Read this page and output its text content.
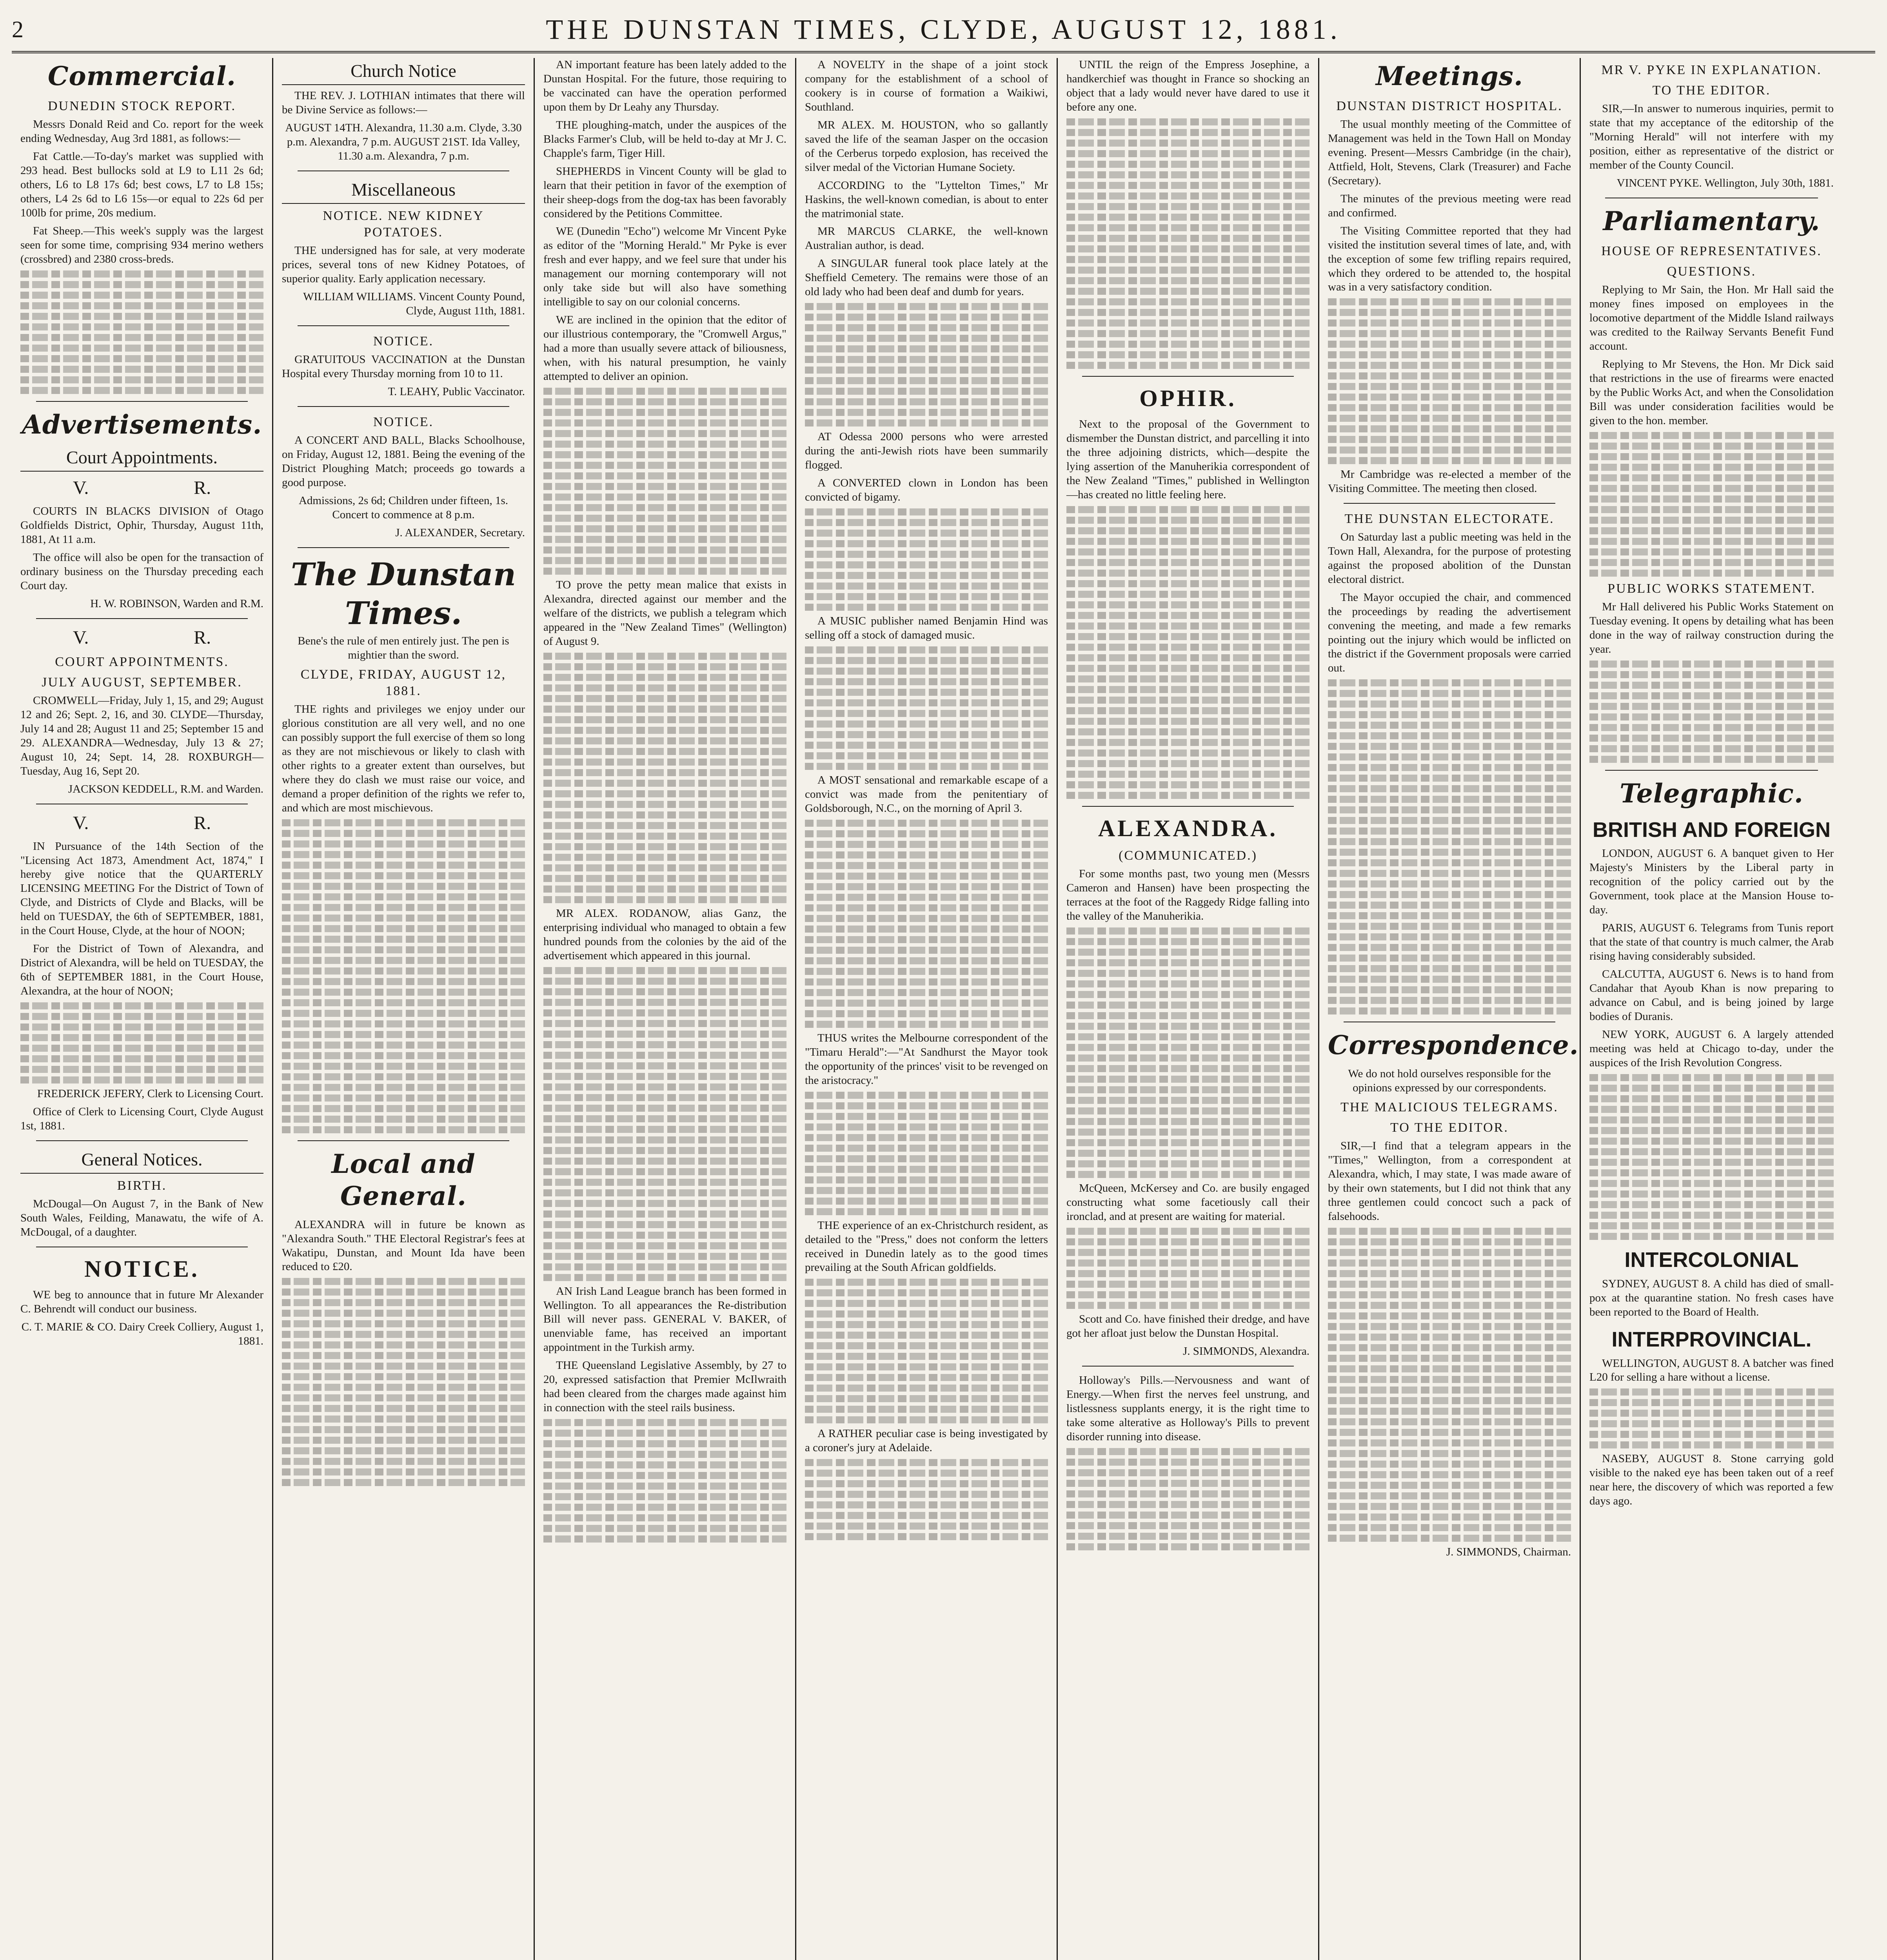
2	THE DUNSTAN TIMES, CLYDE, AUGUST 12, 1881.
Commercial.
DUNEDIN STOCK REPORT.

Messrs Donald Reid and Co. report for the week ending Wednesday, Aug 3rd 1881, as follows:—

Fat Cattle.—To-day's market was supplied with 293 head. Best bullocks sold at L9 to L11 2s 6d; others, L6 to L8 17s 6d; best cows, L7 to L8 15s; others, L4 2s 6d to L6 15s—or equal to 22s 6d per 100lb for prime, 20s medium.

Fat Sheep.—This week's supply was the largest seen for some time, comprising 934 merino wethers (crossbred) and 2380 cross-breds.

Advertisements.
Court Appointments.
V.	R.

COURTS IN BLACKS DIVISION of Otago Goldfields District, Ophir, Thursday, August 11th, 1881, At 11 a.m.

The office will also be open for the transaction of ordinary business on the Thursday preceding each Court day.

H. W. ROBINSON, Warden and R.M.

V.	R.
COURT APPOINTMENTS.
JULY AUGUST, SEPTEMBER.

CROMWELL—Friday, July 1, 15, and 29; August 12 and 26; Sept. 2, 16, and 30. CLYDE—Thursday, July 14 and 28; August 11 and 25; September 15 and 29. ALEXANDRA—Wednesday, July 13 & 27; August 10, 24; Sept. 14, 28. ROXBURGH—Tuesday, Aug 16, Sept 20.

JACKSON KEDDELL, R.M. and Warden.

V.	R.

IN Pursuance of the 14th Section of the "Licensing Act 1873, Amendment Act, 1874," I hereby give notice that the QUARTERLY LICENSING MEETING For the District of Town of Clyde, and Districts of Clyde and Blacks, will be held on TUESDAY, the 6th of SEPTEMBER, 1881, in the Court House, Clyde, at the hour of NOON;

For the District of Town of Alexandra, and District of Alexandra, will be held on TUESDAY, the 6th of SEPTEMBER 1881, in the Court House, Alexandra, at the hour of NOON;

FREDERICK JEFERY, Clerk to Licensing Court.

Office of Clerk to Licensing Court, Clyde August 1st, 1881.

General Notices.
BIRTH.

McDougal—On August 7, in the Bank of New South Wales, Feilding, Manawatu, the wife of A. McDougal, of a daughter.

NOTICE.

WE beg to announce that in future Mr Alexander C. Behrendt will conduct our business.

C. T. MARIE & CO. Dairy Creek Colliery, August 1, 1881.

Church Notice

THE REV. J. LOTHIAN intimates that there will be Divine Service as follows:—

AUGUST 14TH. Alexandra, 11.30 a.m. Clyde, 3.30 p.m. Alexandra, 7 p.m. AUGUST 21ST. Ida Valley, 11.30 a.m. Alexandra, 7 p.m.

Miscellaneous
NOTICE. NEW KIDNEY POTATOES.

THE undersigned has for sale, at very moderate prices, several tons of new Kidney Potatoes, of superior quality. Early application necessary.

WILLIAM WILLIAMS. Vincent County Pound, Clyde, August 11th, 1881.

NOTICE.

GRATUITOUS VACCINATION at the Dunstan Hospital every Thursday morning from 10 to 11.

T. LEAHY, Public Vaccinator.

NOTICE.

A CONCERT AND BALL, Blacks Schoolhouse, on Friday, August 12, 1881. Being the evening of the District Ploughing Match; proceeds go towards a good purpose.

Admissions, 2s 6d; Children under fifteen, 1s. Concert to commence at 8 p.m.

J. ALEXANDER, Secretary.

The Dunstan Times.

Bene's the rule of men entirely just. The pen is mightier than the sword.

CLYDE, FRIDAY, AUGUST 12, 1881.

THE rights and privileges we enjoy under our glorious constitution are all very well, and no one can possibly support the full exercise of them so long as they are not mischievous or likely to clash with other rights to a greater extent than ourselves, but where they do clash we must raise our voice, and demand a proper definition of the rights we refer to, and which are most mischievous.

Local and General.

ALEXANDRA will in future be known as "Alexandra South." THE Electoral Registrar's fees at Wakatipu, Dunstan, and Mount Ida have been reduced to £20.

AN important feature has been lately added to the Dunstan Hospital. For the future, those requiring to be vaccinated can have the operation performed upon them by Dr Leahy any Thursday.

THE ploughing-match, under the auspices of the Blacks Farmer's Club, will be held to-day at Mr J. C. Chapple's farm, Tiger Hill.

SHEPHERDS in Vincent County will be glad to learn that their petition in favor of the exemption of their sheep-dogs from the dog-tax has been favorably considered by the Petitions Committee.

WE (Dunedin "Echo") welcome Mr Vincent Pyke as editor of the "Morning Herald." Mr Pyke is ever fresh and ever happy, and we feel sure that under his management our morning contemporary will not only take side but will also have something intelligible to say on our colonial concerns.

WE are inclined in the opinion that the editor of our illustrious contemporary, the "Cromwell Argus," had a more than usually severe attack of biliousness, when, with his natural presumption, he vainly attempted to deliver an opinion.

TO prove the petty mean malice that exists in Alexandra, directed against our member and the welfare of the districts, we publish a telegram which appeared in the "New Zealand Times" (Wellington) of August 9.

MR ALEX. RODANOW, alias Ganz, the enterprising individual who managed to obtain a few hundred pounds from the colonies by the aid of the advertisement which appeared in this journal.

AN Irish Land League branch has been formed in Wellington. To all appearances the Re-distribution Bill will never pass. GENERAL V. BAKER, of unenviable fame, has received an important appointment in the Turkish army.

THE Queensland Legislative Assembly, by 27 to 20, expressed satisfaction that Premier McIlwraith had been cleared from the charges made against him in connection with the steel rails business.

A NOVELTY in the shape of a joint stock company for the establishment of a school of cookery is in course of formation a Waikiwi, Southland.

MR ALEX. M. HOUSTON, who so gallantly saved the life of the seaman Jasper on the occasion of the Cerberus torpedo explosion, has received the silver medal of the Victorian Humane Society.

ACCORDING to the "Lyttelton Times," Mr Haskins, the well-known comedian, is about to enter the matrimonial state.

MR MARCUS CLARKE, the well-known Australian author, is dead.

A SINGULAR funeral took place lately at the Sheffield Cemetery. The remains were those of an old lady who had been deaf and dumb for years.

AT Odessa 2000 persons who were arrested during the anti-Jewish riots have been summarily flogged.

A CONVERTED clown in London has been convicted of bigamy.

A MUSIC publisher named Benjamin Hind was selling off a stock of damaged music.

A MOST sensational and remarkable escape of a convict was made from the penitentiary of Goldsborough, N.C., on the morning of April 3.

THUS writes the Melbourne correspondent of the "Timaru Herald":—"At Sandhurst the Mayor took the opportunity of the princes' visit to be revenged on the aristocracy."

THE experience of an ex-Christchurch resident, as detailed to the "Press," does not conform the letters received in Dunedin lately as to the good times prevailing at the South African goldfields.

A RATHER peculiar case is being investigated by a coroner's jury at Adelaide.

UNTIL the reign of the Empress Josephine, a handkerchief was thought in France so shocking an object that a lady would never have dared to use it before any one.

OPHIR.

Next to the proposal of the Government to dismember the Dunstan district, and parcelling it into the three adjoining districts, which—despite the lying assertion of the Manuherikia correspondent of the New Zealand "Times," published in Wellington—has created no little feeling here.

ALEXANDRA.
(COMMUNICATED.)

For some months past, two young men (Messrs Cameron and Hansen) have been prospecting the terraces at the foot of the Raggedy Ridge falling into the valley of the Manuherikia.

McQueen, McKersey and Co. are busily engaged constructing what some facetiously call their ironclad, and at present are waiting for material.

Scott and Co. have finished their dredge, and have got her afloat just below the Dunstan Hospital.

J. SIMMONDS, Alexandra.

Holloway's Pills.—Nervousness and want of Energy.—When first the nerves feel unstrung, and listlessness supplants energy, it is the right time to take some alterative as Holloway's Pills to prevent disorder running into disease.

Meetings.
DUNSTAN DISTRICT HOSPITAL.

The usual monthly meeting of the Committee of Management was held in the Town Hall on Monday evening. Present—Messrs Cambridge (in the chair), Attfield, Holt, Stevens, Clark (Treasurer) and Fache (Secretary).

The minutes of the previous meeting were read and confirmed.

The Visiting Committee reported that they had visited the institution several times of late, and, with the exception of some few trifling repairs required, which they ordered to be attended to, the hospital was in a very satisfactory condition.

Mr Cambridge was re-elected a member of the Visiting Committee. The meeting then closed.

THE DUNSTAN ELECTORATE.

On Saturday last a public meeting was held in the Town Hall, Alexandra, for the purpose of protesting against the proposed abolition of the Dunstan electoral district.

The Mayor occupied the chair, and commenced the proceedings by reading the advertisement convening the meeting, and made a few remarks pointing out the injury which would be inflicted on the district if the Government proposals were carried out.

Correspondence.

We do not hold ourselves responsible for the opinions expressed by our correspondents.

THE MALICIOUS TELEGRAMS.
TO THE EDITOR.

SIR,—I find that a telegram appears in the "Times," Wellington, from a correspondent at Alexandra, which, I may state, I was made aware of by their own statements, but I did not think that any three gentlemen could concoct such a pack of falsehoods.

J. SIMMONDS, Chairman.

MR V. PYKE IN EXPLANATION.
TO THE EDITOR.

SIR,—In answer to numerous inquiries, permit to state that my acceptance of the editorship of the "Morning Herald" will not interfere with my position, either as representative of the district or member of the County Council.

VINCENT PYKE. Wellington, July 30th, 1881.

Parliamentary.
HOUSE OF REPRESENTATIVES.
QUESTIONS.

Replying to Mr Sain, the Hon. Mr Hall said the money fines imposed on employees in the locomotive department of the Middle Island railways was credited to the Railway Servants Benefit Fund account.

Replying to Mr Stevens, the Hon. Mr Dick said that restrictions in the use of firearms were enacted by the Public Works Act, and when the Consolidation Bill was under consideration facilities would be given to the hon. member.

PUBLIC WORKS STATEMENT.

Mr Hall delivered his Public Works Statement on Tuesday evening. It opens by detailing what has been done in the way of railway construction during the year.

Telegraphic.
BRITISH AND FOREIGN

LONDON, AUGUST 6. A banquet given to Her Majesty's Ministers by the Liberal party in recognition of the policy carried out by the Government, took place at the Mansion House to-day.

PARIS, AUGUST 6. Telegrams from Tunis report that the state of that country is much calmer, the Arab rising having considerably subsided.

CALCUTTA, AUGUST 6. News is to hand from Candahar that Ayoub Khan is now preparing to advance on Cabul, and is being joined by large bodies of Duranis.

NEW YORK, AUGUST 6. A largely attended meeting was held at Chicago to-day, under the auspices of the Irish Revolution Congress.

INTERCOLONIAL

SYDNEY, AUGUST 8. A child has died of small-pox at the quarantine station. No fresh cases have been reported to the Board of Health.

INTERPROVINCIAL.

WELLINGTON, AUGUST 8. A batcher was fined L20 for selling a hare without a license.

NASEBY, AUGUST 8. Stone carrying gold visible to the naked eye has been taken out of a reef near here, the discovery of which was reported a few days ago.
